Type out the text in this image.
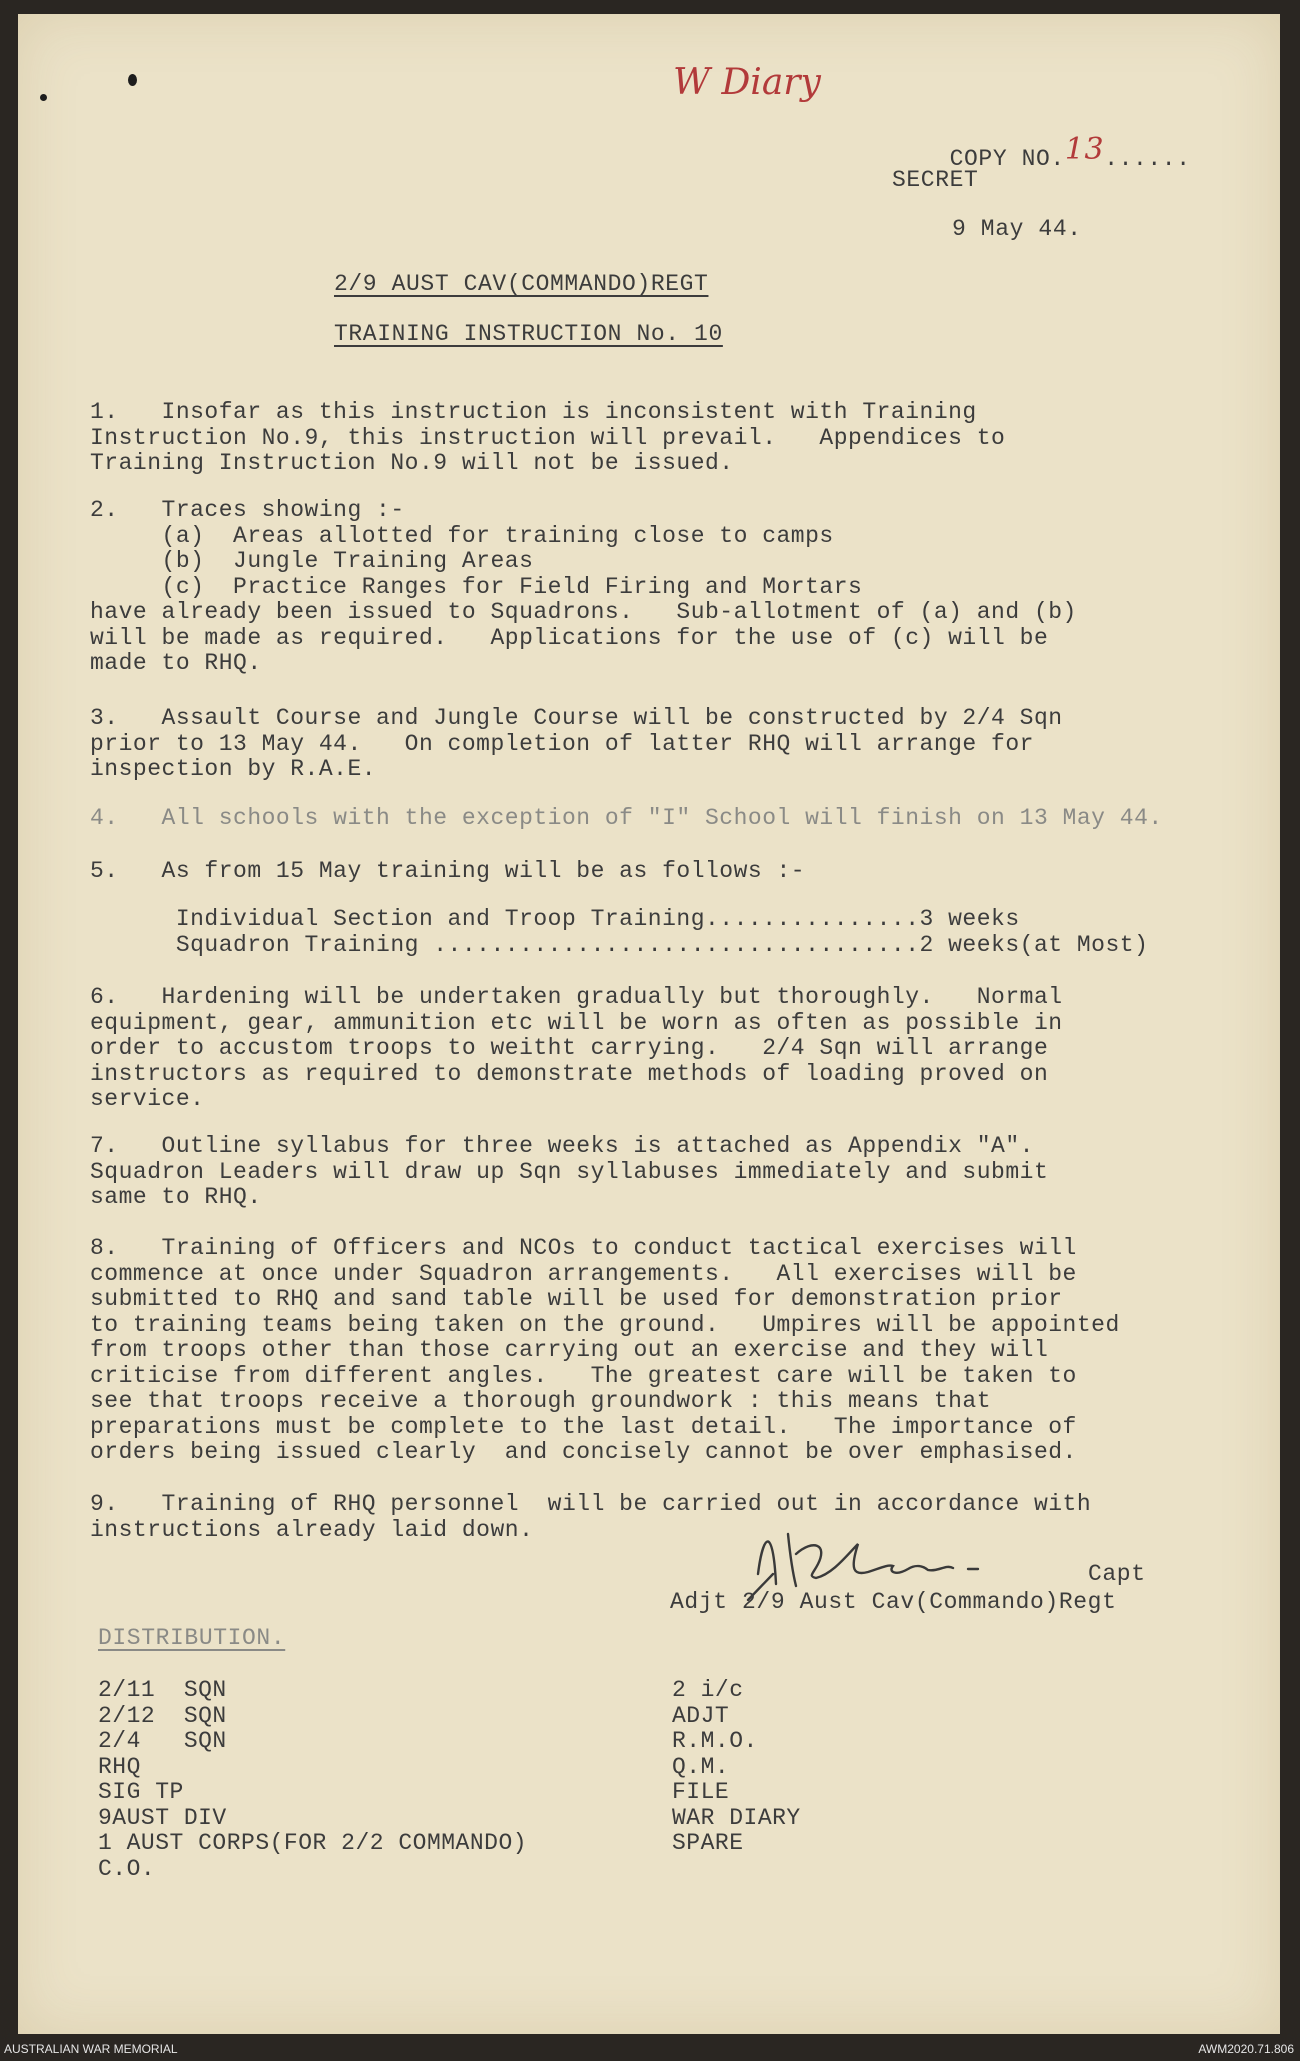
W Diary

COPY NO.13......

SECRET
9 May 44.
2/9 AUST CAV(COMMANDO)REGT
TRAINING INSTRUCTION No. 10
1.   Insofar as this instruction is inconsistent with Training
Instruction No.9, this instruction will prevail.   Appendices to
Training Instruction No.9 will not be issued.
2.   Traces showing :-
(a)  Areas allotted for training close to camps
(b)  Jungle Training Areas
(c)  Practice Ranges for Field Firing and Mortars
have already been issued to Squadrons.   Sub-allotment of (a) and (b)
will be made as required.   Applications for the use of (c) will be
made to RHQ.
3.   Assault Course and Jungle Course will be constructed by 2/4 Sqn
prior to 13 May 44.   On completion of latter RHQ will arrange for
inspection by R.A.E.
4.   All schools with the exception of "I" School will finish on 13 May 44.
5.   As from 15 May training will be as follows :-
Individual Section and Troop Training...............3 weeks
Squadron Training ..................................2 weeks(at Most)
6.   Hardening will be undertaken gradually but thoroughly.   Normal
equipment, gear, ammunition etc will be worn as often as possible in
order to accustom troops to weitht carrying.   2/4 Sqn will arrange
instructors as required to demonstrate methods of loading proved on
service.
7.   Outline syllabus for three weeks is attached as Appendix "A".
Squadron Leaders will draw up Sqn syllabuses immediately and submit
same to RHQ.
8.   Training of Officers and NCOs to conduct tactical exercises will
commence at once under Squadron arrangements.   All exercises will be
submitted to RHQ and sand table will be used for demonstration prior
to training teams being taken on the ground.   Umpires will be appointed
from troops other than those carrying out an exercise and they will
criticise from different angles.   The greatest care will be taken to
see that troops receive a thorough groundwork : this means that
preparations must be complete to the last detail.   The importance of
orders being issued clearly  and concisely cannot be over emphasised.
9.   Training of RHQ personnel  will be carried out in accordance with
instructions already laid down.
Capt
Adjt 2/9 Aust Cav(Commando)Regt
DISTRIBUTION.
2/11  SQN
2/12  SQN
2/4   SQN
RHQ
SIG TP
9AUST DIV
1 AUST CORPS(FOR 2/2 COMMANDO)
C.O.
2 i/c
ADJT
R.M.O.
Q.M.
FILE
WAR DIARY
SPARE
AUSTRALIAN WAR MEMORIAL	AWM2020.71.806
